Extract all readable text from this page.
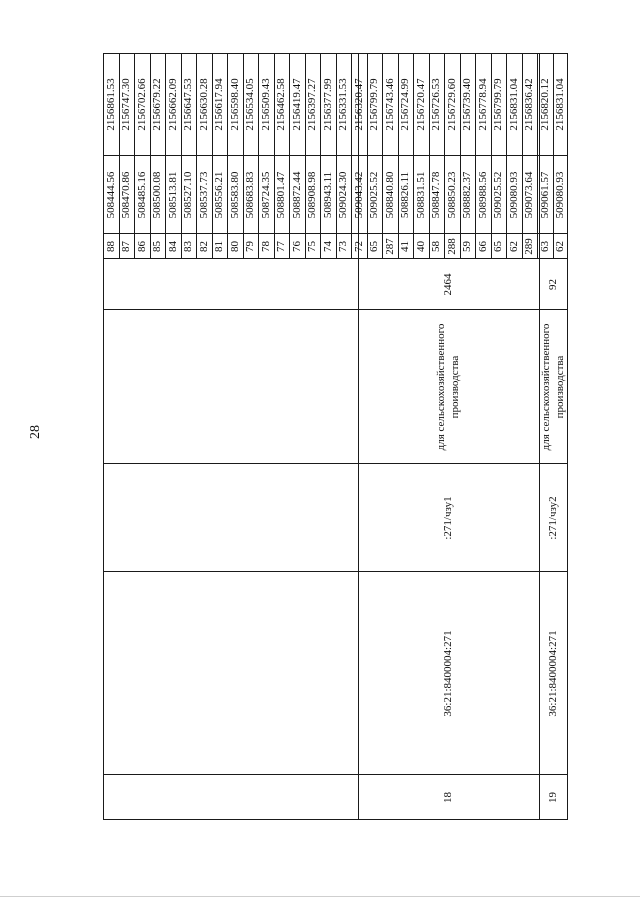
28
18
36:21:8400004:271
:271/чзу1
для сельскохозяйственного производства
2464
19
36:21:8400004:271
:271/чзу2
для сельскохозяйственного производства
92
88
508444.56
2156861.53
87
508470.86
2156747.30
86
508485.16
2156702.66
85
508500.08
2156679.22
84
508513.81
2156662.09
83
508527.10
2156647.53
82
508537.73
2156630.28
81
508556.21
2156617.94
80
508583.80
2156598.40
79
508683.83
2156534.05
78
508724.35
2156509.43
77
508801.47
2156462.58
76
508872.44
2156419.47
75
508908.98
2156397.27
74
508943.11
2156377.99
73
509024.30
2156331.53
72
509043.42
2156320.47
65
509025.52
2156799.79
287
508840.80
2156743.46
41
508826.11
2156724.99
40
508831.51
2156720.47
58
508847.78
2156726.53
288
508850.23
2156729.60
59
508882.37
2156739.40
66
508988.56
2156778.94
65
509025.52
2156799.79
62
509080.93
2156831.04
289
509073.64
2156836.42
63
509061.57
2156820.12
62
509080.93
2156831.04
